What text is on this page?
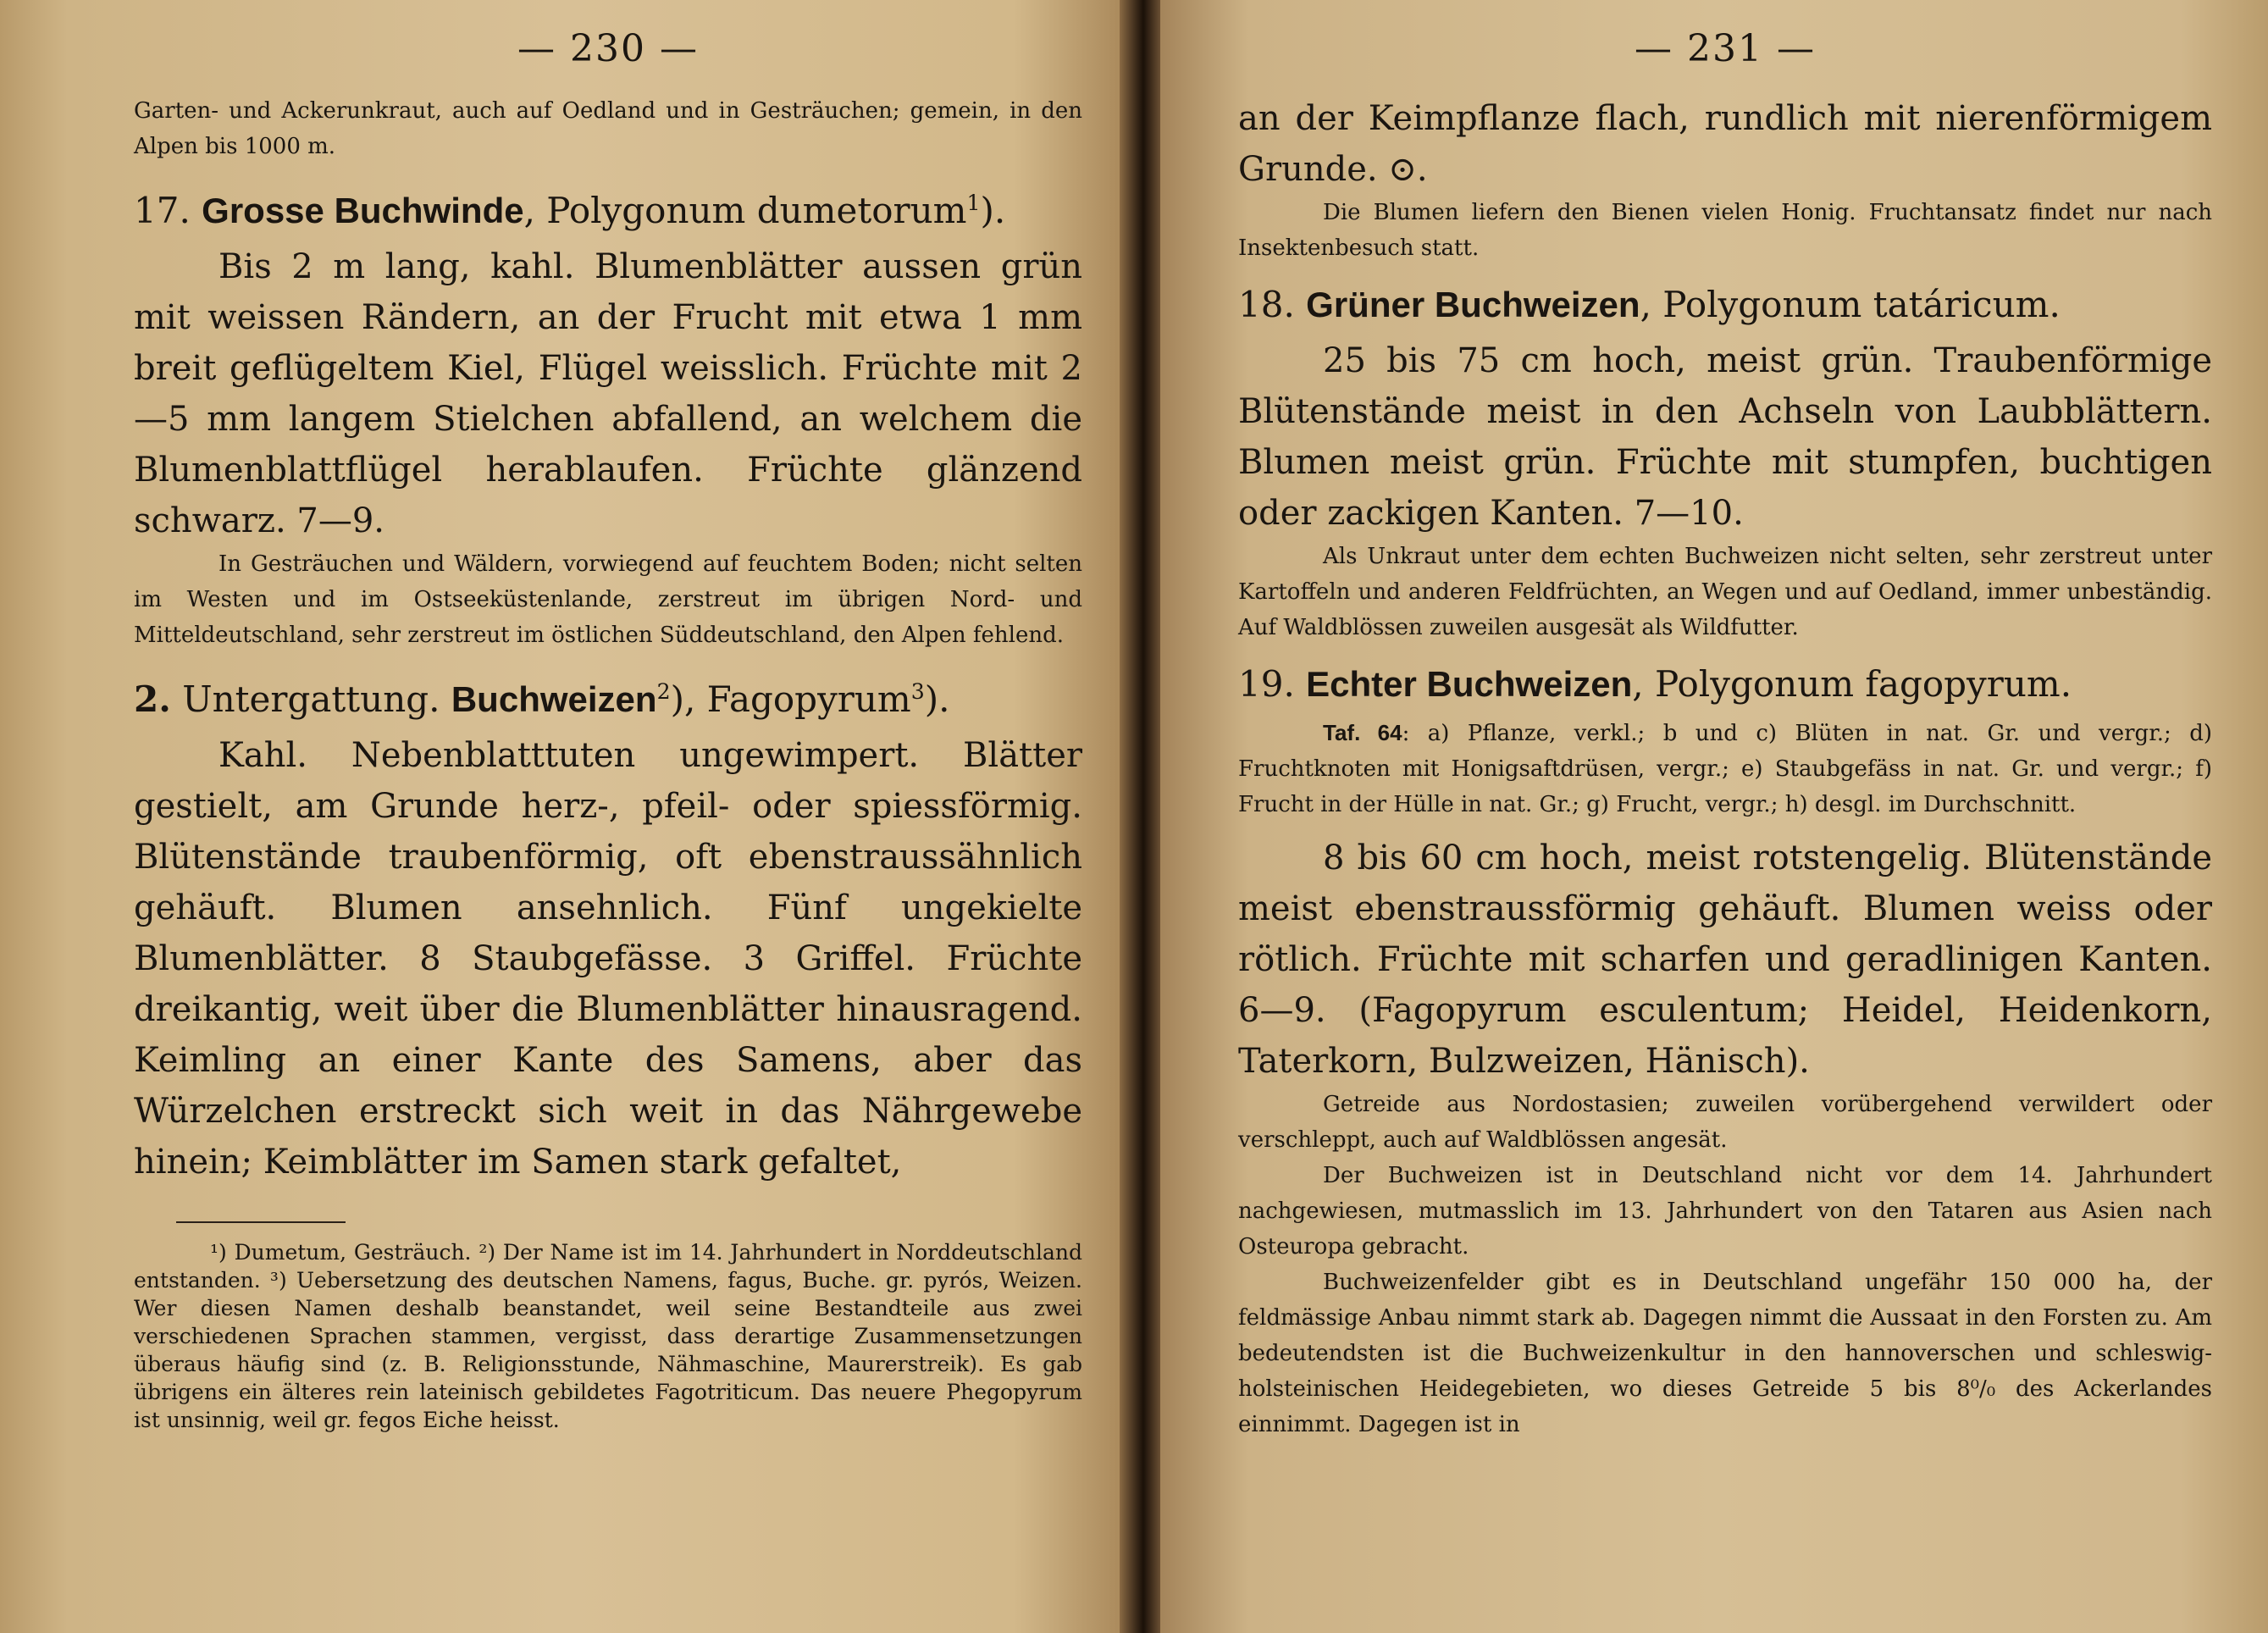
— 230 —

Garten- und Ackerunkraut, auch auf Oedland und in Gesträuchen; gemein, in den Alpen bis 1000 m.

17. Grosse Buchwinde, Polygonum dumetorum$^1$).

Bis 2 m lang, kahl. Blumenblätter aussen grün mit weissen Rändern, an der Frucht mit etwa 1 mm breit geflügeltem Kiel, Flügel weisslich. Früchte mit 2—5 mm langem Stielchen abfallend, an welchem die Blumenblattflügel herablaufen. Früchte glänzend schwarz. 7—9.

In Gesträuchen und Wäldern, vorwiegend auf feuchtem Boden; nicht selten im Westen und im Ostseeküstenlande, zerstreut im übrigen Nord- und Mitteldeutschland, sehr zerstreut im östlichen Süddeutschland, den Alpen fehlend.

2. Untergattung. Buchweizen$^2$), Fagopyrum$^3$).

Kahl. Nebenblatttuten ungewimpert. Blätter gestielt, am Grunde herz-, pfeil- oder spiessförmig. Blütenstände traubenförmig, oft ebenstraussähnlich gehäuft. Blumen ansehnlich. Fünf ungekielte Blumenblätter. 8 Staubgefässe. 3 Griffel. Früchte dreikantig, weit über die Blumenblätter hinausragend. Keimling an einer Kante des Samens, aber das Würzelchen erstreckt sich weit in das Nährgewebe hinein; Keimblätter im Samen stark gefaltet,

¹) Dumetum, Gesträuch. ²) Der Name ist im 14. Jahrhundert in Norddeutschland entstanden. ³) Uebersetzung des deutschen Namens, fagus, Buche. gr. pyrós, Weizen. Wer diesen Namen deshalb beanstandet, weil seine Bestandteile aus zwei verschiedenen Sprachen stammen, vergisst, dass derartige Zusammensetzungen überaus häufig sind (z. B. Religionsstunde, Nähmaschine, Maurerstreik). Es gab übrigens ein älteres rein lateinisch gebildetes Fagotriticum. Das neuere Phegopyrum ist unsinnig, weil gr. fegos Eiche heisst.

— 231 —

an der Keimpflanze flach, rundlich mit nierenförmigem Grunde. ⊙.

Die Blumen liefern den Bienen vielen Honig. Fruchtansatz findet nur nach Insektenbesuch statt.

18. Grüner Buchweizen, Polygonum tatáricum.

25 bis 75 cm hoch, meist grün. Traubenförmige Blütenstände meist in den Achseln von Laubblättern. Blumen meist grün. Früchte mit stumpfen, buchtigen oder zackigen Kanten. 7—10.

Als Unkraut unter dem echten Buchweizen nicht selten, sehr zerstreut unter Kartoffeln und anderen Feldfrüchten, an Wegen und auf Oedland, immer unbeständig. Auf Waldblössen zuweilen ausgesät als Wildfutter.

19. Echter Buchweizen, Polygonum fagopyrum.

Taf. 64: a) Pflanze, verkl.; b und c) Blüten in nat. Gr. und vergr.; d) Fruchtknoten mit Honigsaftdrüsen, vergr.; e) Staubgefäss in nat. Gr. und vergr.; f) Frucht in der Hülle in nat. Gr.; g) Frucht, vergr.; h) desgl. im Durchschnitt.

8 bis 60 cm hoch, meist rotstengelig. Blütenstände meist ebenstraussförmig gehäuft. Blumen weiss oder rötlich. Früchte mit scharfen und geradlinigen Kanten. 6—9. (Fagopyrum esculentum; Heidel, Heidenkorn, Taterkorn, Bulzweizen, Hänisch).

Getreide aus Nordostasien; zuweilen vorübergehend verwildert oder verschleppt, auch auf Waldblössen angesät.

Der Buchweizen ist in Deutschland nicht vor dem 14. Jahrhundert nachgewiesen, mutmasslich im 13. Jahrhundert von den Tataren aus Asien nach Osteuropa gebracht.

Buchweizenfelder gibt es in Deutschland ungefähr 150 000 ha, der feldmässige Anbau nimmt stark ab. Dagegen nimmt die Aussaat in den Forsten zu. Am bedeutendsten ist die Buchweizenkultur in den hannoverschen und schleswig-holsteinischen Heidegebieten, wo dieses Getreide 5 bis 8⁰/₀ des Ackerlandes einnimmt. Dagegen ist in
